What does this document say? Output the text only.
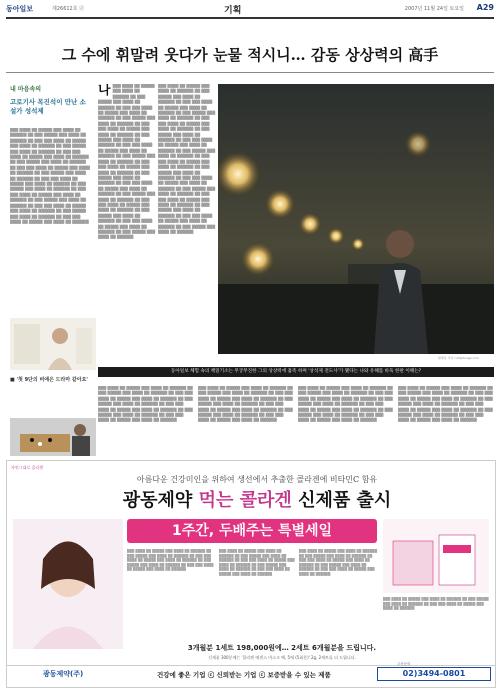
동아일보	제26612호 ⓓ	기획	2007년 11월 24일 토요일 A29
그 수에 휘말려 웃다가 눈물 적시니… 감동 상상력의 高手
내 마음속의
고로기사 목진석이 만난 소설가 성석제

▒▒▒ ▒▒▒▒ ▒▒ ▒▒▒▒▒ ▒▒▒ ▒▒▒▒ ▒▒ ▒▒▒▒▒▒ ▒▒ ▒▒▒ ▒▒▒▒▒ ▒▒▒ ▒▒▒▒ ▒▒ ▒▒▒▒▒▒ ▒▒ ▒▒▒ ▒▒▒ ▒▒▒▒ ▒▒ ▒▒▒▒▒ ▒▒▒ ▒▒▒▒ ▒▒ ▒▒▒▒▒▒ ▒▒ ▒▒▒ ▒▒▒▒▒ ▒▒▒ ▒▒▒▒ ▒▒ ▒▒▒▒▒▒ ▒▒ ▒▒▒ ▒▒▒ ▒▒▒▒ ▒▒ ▒▒▒▒▒ ▒▒▒ ▒▒▒▒ ▒▒ ▒▒▒▒▒▒ ▒▒ ▒▒▒ ▒▒▒▒▒ ▒▒▒ ▒▒▒▒ ▒▒ ▒▒▒▒▒▒ ▒▒ ▒▒▒ ▒▒▒ ▒▒▒▒ ▒▒ ▒▒▒▒▒ ▒▒▒ ▒▒▒▒ ▒▒ ▒▒▒▒▒▒ ▒▒ ▒▒▒ ▒▒▒▒▒ ▒▒▒ ▒▒▒▒ ▒▒ ▒▒▒▒▒▒ ▒▒ ▒▒▒ ▒▒▒ ▒▒▒▒ ▒▒ ▒▒▒▒▒ ▒▒▒ ▒▒▒▒ ▒▒ ▒▒▒▒▒▒ ▒▒ ▒▒▒ ▒▒▒▒▒ ▒▒▒ ▒▒▒▒ ▒▒ ▒▒▒▒▒▒ ▒▒ ▒▒▒ ▒▒▒ ▒▒▒▒ ▒▒ ▒▒▒▒▒ ▒▒▒ ▒▒▒▒ ▒▒ ▒▒▒▒▒▒ ▒▒ ▒▒▒ ▒▒▒▒▒ ▒▒▒ ▒▒▒▒ ▒▒ ▒▒▒▒▒▒ ▒▒ ▒▒▒ ▒▒▒ ▒▒▒▒ ▒▒ ▒▒▒▒▒ ▒▒▒ ▒▒▒▒ ▒▒ ▒▒▒▒▒▒ ▒▒ ▒▒▒ ▒▒▒▒▒ ▒▒▒ ▒▒▒▒ ▒▒ ▒▒▒▒▒▒ ▒▒ ▒▒▒ ▒▒▒ ▒▒▒▒ ▒▒ ▒▒▒▒▒ ▒▒▒ ▒▒▒▒ ▒▒ ▒▒▒▒▒▒

나 ▒▒▒ ▒▒▒▒ ▒▒ ▒▒▒▒▒ ▒▒▒ ▒▒▒▒ ▒▒ ▒▒▒▒▒▒ ▒▒ ▒▒▒ ▒▒▒▒▒ ▒▒▒ ▒▒▒▒ ▒▒ ▒▒▒▒▒▒ ▒▒ ▒▒▒ ▒▒▒ ▒▒▒▒ ▒▒ ▒▒▒▒▒ ▒▒▒ ▒▒▒▒ ▒▒ ▒▒▒▒▒▒ ▒▒ ▒▒▒ ▒▒▒▒▒ ▒▒▒ ▒▒▒▒ ▒▒ ▒▒▒▒▒▒ ▒▒ ▒▒▒ ▒▒▒ ▒▒▒▒ ▒▒ ▒▒▒▒▒ ▒▒▒ ▒▒▒▒ ▒▒ ▒▒▒▒▒▒ ▒▒ ▒▒▒ ▒▒▒▒▒ ▒▒▒ ▒▒▒▒ ▒▒ ▒▒▒▒▒▒ ▒▒ ▒▒▒ ▒▒▒ ▒▒▒▒ ▒▒ ▒▒▒▒▒ ▒▒▒ ▒▒▒▒ ▒▒ ▒▒▒▒▒▒ ▒▒ ▒▒▒ ▒▒▒▒▒ ▒▒▒ ▒▒▒▒ ▒▒ ▒▒▒▒▒▒ ▒▒ ▒▒▒ ▒▒▒ ▒▒▒▒ ▒▒ ▒▒▒▒▒ ▒▒▒ ▒▒▒▒ ▒▒ ▒▒▒▒▒▒ ▒▒ ▒▒▒ ▒▒▒▒▒ ▒▒▒ ▒▒▒▒ ▒▒ ▒▒▒▒▒▒ ▒▒ ▒▒▒ ▒▒▒ ▒▒▒▒ ▒▒ ▒▒▒▒▒ ▒▒▒ ▒▒▒▒ ▒▒ ▒▒▒▒▒▒ ▒▒ ▒▒▒ ▒▒▒▒▒ ▒▒▒ ▒▒▒▒ ▒▒ ▒▒▒▒▒▒ ▒▒ ▒▒▒ ▒▒▒ ▒▒▒▒ ▒▒ ▒▒▒▒▒ ▒▒▒ ▒▒▒▒ ▒▒ ▒▒▒▒▒▒ ▒▒ ▒▒▒ ▒▒▒▒▒ ▒▒▒ ▒▒▒▒ ▒▒ ▒▒▒▒▒▒ ▒▒ ▒▒▒ ▒▒▒ ▒▒▒▒ ▒▒ ▒▒▒▒▒ ▒▒▒ ▒▒▒▒ ▒▒ ▒▒▒▒▒▒ ▒▒ ▒▒▒ ▒▒▒▒▒ ▒▒▒ ▒▒▒▒ ▒▒ ▒▒▒▒▒▒

▒▒▒ ▒▒▒▒ ▒▒ ▒▒▒▒▒ ▒▒▒ ▒▒▒▒ ▒▒ ▒▒▒▒▒▒ ▒▒ ▒▒▒ ▒▒▒▒▒ ▒▒▒ ▒▒▒▒ ▒▒ ▒▒▒▒▒▒ ▒▒ ▒▒▒ ▒▒▒ ▒▒▒▒ ▒▒ ▒▒▒▒▒ ▒▒▒ ▒▒▒▒ ▒▒ ▒▒▒▒▒▒ ▒▒ ▒▒▒ ▒▒▒▒▒ ▒▒▒ ▒▒▒▒ ▒▒ ▒▒▒▒▒▒ ▒▒ ▒▒▒ ▒▒▒ ▒▒▒▒ ▒▒ ▒▒▒▒▒ ▒▒▒ ▒▒▒▒ ▒▒ ▒▒▒▒▒▒ ▒▒ ▒▒▒ ▒▒▒▒▒ ▒▒▒ ▒▒▒▒ ▒▒ ▒▒▒▒▒▒ ▒▒ ▒▒▒ ▒▒▒ ▒▒▒▒ ▒▒ ▒▒▒▒▒ ▒▒▒ ▒▒▒▒ ▒▒ ▒▒▒▒▒▒ ▒▒ ▒▒▒ ▒▒▒▒▒ ▒▒▒ ▒▒▒▒ ▒▒ ▒▒▒▒▒▒ ▒▒ ▒▒▒ ▒▒▒ ▒▒▒▒ ▒▒ ▒▒▒▒▒ ▒▒▒ ▒▒▒▒ ▒▒ ▒▒▒▒▒▒ ▒▒ ▒▒▒ ▒▒▒▒▒ ▒▒▒ ▒▒▒▒ ▒▒ ▒▒▒▒▒▒ ▒▒ ▒▒▒ ▒▒▒ ▒▒▒▒ ▒▒ ▒▒▒▒▒ ▒▒▒ ▒▒▒▒ ▒▒ ▒▒▒▒▒▒ ▒▒ ▒▒▒ ▒▒▒▒▒ ▒▒▒ ▒▒▒▒ ▒▒ ▒▒▒▒▒▒ ▒▒ ▒▒▒ ▒▒▒ ▒▒▒▒ ▒▒ ▒▒▒▒▒ ▒▒▒ ▒▒▒▒ ▒▒ ▒▒▒▒▒▒ ▒▒ ▒▒▒ ▒▒▒▒▒ ▒▒▒ ▒▒▒▒ ▒▒ ▒▒▒▒▒▒ ▒▒ ▒▒▒ ▒▒▒ ▒▒▒▒ ▒▒ ▒▒▒▒▒ ▒▒▒ ▒▒▒▒ ▒▒ ▒▒▒▒▒▒ ▒▒ ▒▒▒ ▒▒▒▒▒ ▒▒▒ ▒▒▒▒ ▒▒ ▒▒▒▒▒▒

변영욱 기자 cut@donga.com
동아일보 체험 속의 책읽기소는 무궁무진한 그의 상상력에 흡족 하며 '상석제 전도사'가 됐다는 나와 유해를 바둑 한판 이해는?
■ '첫 9단의 비애은 드라마 같아요'

▒▒▒ ▒▒▒▒ ▒▒ ▒▒▒▒▒ ▒▒▒ ▒▒▒▒ ▒▒ ▒▒▒▒▒▒ ▒▒ ▒▒▒ ▒▒▒▒▒ ▒▒▒ ▒▒▒▒ ▒▒ ▒▒▒▒▒▒ ▒▒ ▒▒▒ ▒▒▒ ▒▒▒▒ ▒▒ ▒▒▒▒▒ ▒▒▒ ▒▒▒▒ ▒▒ ▒▒▒▒▒▒ ▒▒ ▒▒▒ ▒▒▒▒▒ ▒▒▒ ▒▒▒▒ ▒▒ ▒▒▒▒▒▒ ▒▒ ▒▒▒ ▒▒▒ ▒▒▒▒ ▒▒ ▒▒▒▒▒ ▒▒▒ ▒▒▒▒ ▒▒ ▒▒▒▒▒▒ ▒▒ ▒▒▒ ▒▒▒▒▒ ▒▒▒ ▒▒▒▒ ▒▒ ▒▒▒▒▒▒ ▒▒ ▒▒▒ ▒▒▒ ▒▒▒▒ ▒▒ ▒▒▒▒▒ ▒▒▒ ▒▒▒▒ ▒▒ ▒▒▒▒▒▒

▒▒▒ ▒▒▒▒ ▒▒ ▒▒▒▒▒ ▒▒▒ ▒▒▒▒ ▒▒ ▒▒▒▒▒▒ ▒▒ ▒▒▒ ▒▒▒▒▒ ▒▒▒ ▒▒▒▒ ▒▒ ▒▒▒▒▒▒ ▒▒ ▒▒▒ ▒▒▒ ▒▒▒▒ ▒▒ ▒▒▒▒▒ ▒▒▒ ▒▒▒▒ ▒▒ ▒▒▒▒▒▒ ▒▒ ▒▒▒ ▒▒▒▒▒ ▒▒▒ ▒▒▒▒ ▒▒ ▒▒▒▒▒▒ ▒▒ ▒▒▒ ▒▒▒ ▒▒▒▒ ▒▒ ▒▒▒▒▒ ▒▒▒ ▒▒▒▒ ▒▒ ▒▒▒▒▒▒ ▒▒ ▒▒▒ ▒▒▒▒▒ ▒▒▒ ▒▒▒▒ ▒▒ ▒▒▒▒▒▒ ▒▒ ▒▒▒ ▒▒▒ ▒▒▒▒ ▒▒ ▒▒▒▒▒ ▒▒▒ ▒▒▒▒ ▒▒ ▒▒▒▒▒▒

▒▒▒ ▒▒▒▒ ▒▒ ▒▒▒▒▒ ▒▒▒ ▒▒▒▒ ▒▒ ▒▒▒▒▒▒ ▒▒ ▒▒▒ ▒▒▒▒▒ ▒▒▒ ▒▒▒▒ ▒▒ ▒▒▒▒▒▒ ▒▒ ▒▒▒ ▒▒▒ ▒▒▒▒ ▒▒ ▒▒▒▒▒ ▒▒▒ ▒▒▒▒ ▒▒ ▒▒▒▒▒▒ ▒▒ ▒▒▒ ▒▒▒▒▒ ▒▒▒ ▒▒▒▒ ▒▒ ▒▒▒▒▒▒ ▒▒ ▒▒▒ ▒▒▒ ▒▒▒▒ ▒▒ ▒▒▒▒▒ ▒▒▒ ▒▒▒▒ ▒▒ ▒▒▒▒▒▒ ▒▒ ▒▒▒ ▒▒▒▒▒ ▒▒▒ ▒▒▒▒ ▒▒ ▒▒▒▒▒▒ ▒▒ ▒▒▒ ▒▒▒ ▒▒▒▒ ▒▒ ▒▒▒▒▒ ▒▒▒ ▒▒▒▒ ▒▒ ▒▒▒▒▒▒

▒▒▒ ▒▒▒▒ ▒▒ ▒▒▒▒▒ ▒▒▒ ▒▒▒▒ ▒▒ ▒▒▒▒▒▒ ▒▒ ▒▒▒ ▒▒▒▒▒ ▒▒▒ ▒▒▒▒ ▒▒ ▒▒▒▒▒▒ ▒▒ ▒▒▒ ▒▒▒ ▒▒▒▒ ▒▒ ▒▒▒▒▒ ▒▒▒ ▒▒▒▒ ▒▒ ▒▒▒▒▒▒ ▒▒ ▒▒▒ ▒▒▒▒▒ ▒▒▒ ▒▒▒▒ ▒▒ ▒▒▒▒▒▒ ▒▒ ▒▒▒ ▒▒▒ ▒▒▒▒ ▒▒ ▒▒▒▒▒ ▒▒▒ ▒▒▒▒ ▒▒ ▒▒▒▒▒▒ ▒▒ ▒▒▒ ▒▒▒▒▒ ▒▒▒ ▒▒▒▒ ▒▒ ▒▒▒▒▒▒ ▒▒ ▒▒▒ ▒▒▒ ▒▒▒▒ ▒▒ ▒▒▒▒▒ ▒▒▒ ▒▒▒▒ ▒▒ ▒▒▒▒▒▒

자연그대로 콜라겐
아름다운 건강미인을 위하여 생선에서 추출한 콜라겐에 비타민C 함유
광동제약 먹는 콜라겐 신제품 출시
1주간, 두배주는 특별세일
▒▒▒ ▒▒▒▒ ▒▒ ▒▒▒▒▒ ▒▒▒ ▒▒▒▒ ▒▒ ▒▒▒▒▒▒ ▒▒ ▒▒▒ ▒▒▒▒▒ ▒▒▒ ▒▒▒▒ ▒▒ ▒▒▒▒▒▒ ▒▒ ▒▒▒ ▒▒▒ ▒▒▒▒ ▒▒ ▒▒▒▒▒ ▒▒▒ ▒▒▒▒ ▒▒ ▒▒▒▒▒▒ ▒▒ ▒▒▒ ▒▒▒▒▒ ▒▒▒ ▒▒▒▒ ▒▒ ▒▒▒▒▒▒ ▒▒ ▒▒▒ ▒▒▒ ▒▒▒▒ ▒▒ ▒▒▒▒▒ ▒▒▒ ▒▒▒▒ ▒▒ ▒▒▒▒▒▒
▒▒▒ ▒▒▒▒ ▒▒ ▒▒▒▒▒ ▒▒▒ ▒▒▒▒ ▒▒ ▒▒▒▒▒▒ ▒▒ ▒▒▒ ▒▒▒▒▒ ▒▒▒ ▒▒▒▒ ▒▒ ▒▒▒▒▒▒ ▒▒ ▒▒▒ ▒▒▒ ▒▒▒▒ ▒▒ ▒▒▒▒▒ ▒▒▒ ▒▒▒▒ ▒▒ ▒▒▒▒▒▒ ▒▒ ▒▒▒ ▒▒▒▒▒ ▒▒▒ ▒▒▒▒ ▒▒ ▒▒▒▒▒▒ ▒▒ ▒▒▒ ▒▒▒ ▒▒▒▒ ▒▒ ▒▒▒▒▒ ▒▒▒ ▒▒▒▒ ▒▒ ▒▒▒▒▒▒
▒▒▒ ▒▒▒▒ ▒▒ ▒▒▒▒▒ ▒▒▒ ▒▒▒▒ ▒▒ ▒▒▒▒▒▒ ▒▒ ▒▒▒ ▒▒▒▒▒ ▒▒▒ ▒▒▒▒ ▒▒ ▒▒▒▒▒▒ ▒▒ ▒▒▒ ▒▒▒ ▒▒▒▒ ▒▒ ▒▒▒▒▒ ▒▒▒ ▒▒▒▒ ▒▒ ▒▒▒▒▒▒ ▒▒ ▒▒▒ ▒▒▒▒▒ ▒▒▒ ▒▒▒▒ ▒▒ ▒▒▒▒▒▒ ▒▒ ▒▒▒ ▒▒▒ ▒▒▒▒ ▒▒ ▒▒▒▒▒ ▒▒▒ ▒▒▒▒ ▒▒ ▒▒▒▒▒▒
▒▒▒ ▒▒▒▒ ▒▒ ▒▒▒▒▒ ▒▒▒ ▒▒▒▒ ▒▒ ▒▒▒▒▒▒ ▒▒ ▒▒▒ ▒▒▒▒▒ ▒▒▒ ▒▒▒▒ ▒▒ ▒▒▒▒▒▒ ▒▒ ▒▒▒ ▒▒▒ ▒▒▒▒ ▒▒ ▒▒▒▒▒ ▒▒▒ ▒▒▒▒ ▒▒ ▒▒▒▒▒▒
3개월분 1세트 198,000원에… 2세트 6개월분을 드립니다.
신제품 300분께는 '콜라겐 에센스 마스크 팩, 5매 (5회분)' 2g, 2세트를 더 드립니다.
광동제약(주)	건강에 좋은 기업 ⓒ 신뢰받는 기업 ⓒ 보증받을 수 있는 제품
주문문의
02)3494-0801
